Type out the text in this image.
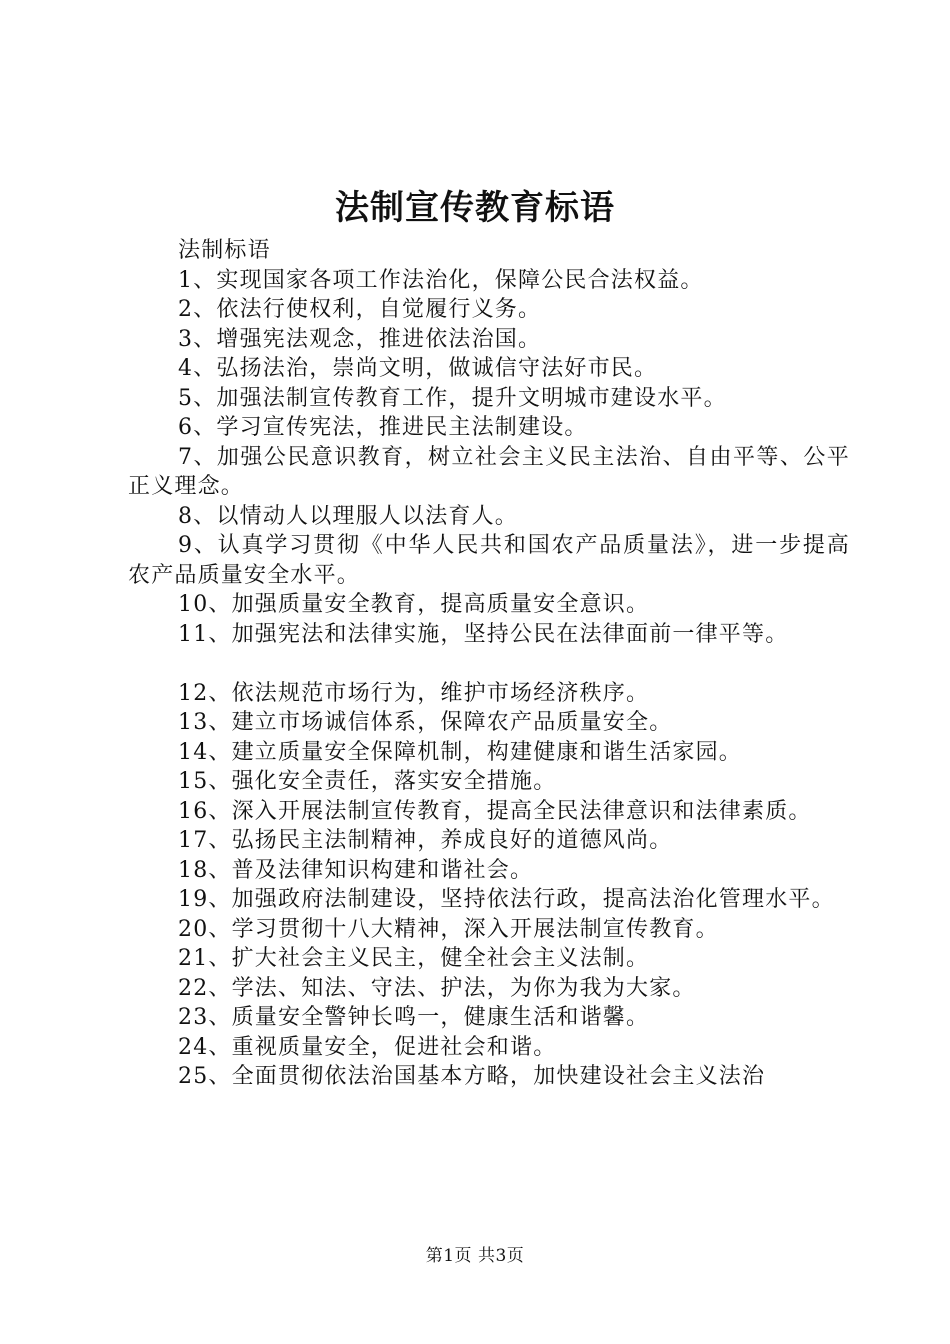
法制宣传教育标语

法制标语

1、实现国家各项工作法治化，保障公民合法权益。

2、依法行使权利，自觉履行义务。

3、增强宪法观念，推进依法治国。

4、弘扬法治，崇尚文明，做诚信守法好市民。

5、加强法制宣传教育工作，提升文明城市建设水平。

6、学习宣传宪法，推进民主法制建设。

7、加强公民意识教育，树立社会主义民主法治、自由平等、公平正义理念。

8、以情动人以理服人以法育人。

9、认真学习贯彻《中华人民共和国农产品质量法》，进一步提高农产品质量安全水平。

10、加强质量安全教育，提高质量安全意识。

11、加强宪法和法律实施，坚持公民在法律面前一律平等。

12、依法规范市场行为，维护市场经济秩序。

13、建立市场诚信体系，保障农产品质量安全。

14、建立质量安全保障机制，构建健康和谐生活家园。

15、强化安全责任，落实安全措施。

16、深入开展法制宣传教育，提高全民法律意识和法律素质。

17、弘扬民主法制精神，养成良好的道德风尚。

18、普及法律知识构建和谐社会。

19、加强政府法制建设，坚持依法行政，提高法治化管理水平。

20、学习贯彻十八大精神，深入开展法制宣传教育。

21、扩大社会主义民主，健全社会主义法制。

22、学法、知法、守法、护法，为你为我为大家。

23、质量安全警钟长鸣一，健康生活和谐馨。

24、重视质量安全，促进社会和谐。

25、全面贯彻依法治国基本方略，加快建设社会主义法治

第1页 共3页
